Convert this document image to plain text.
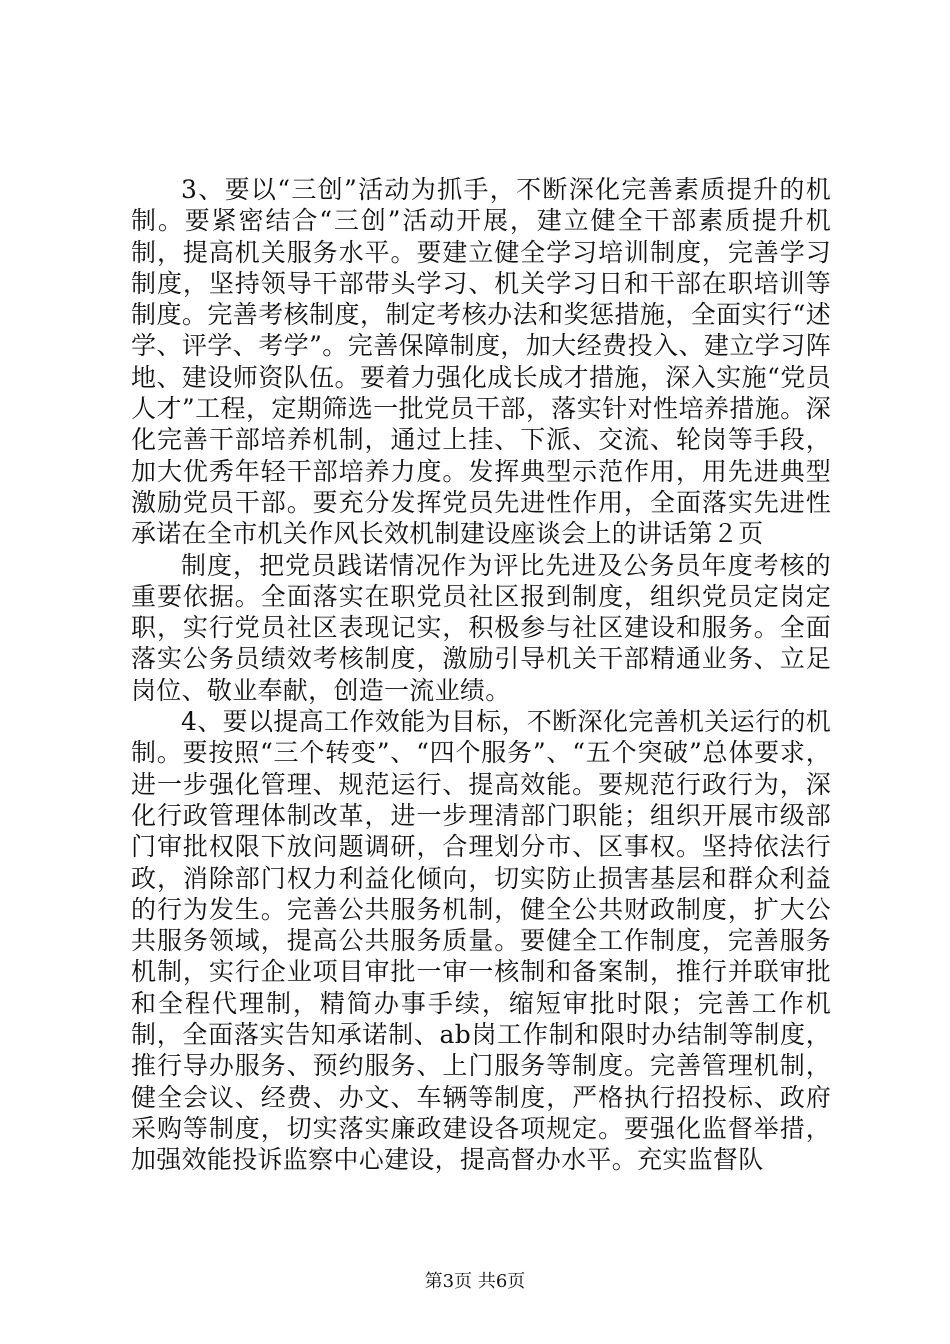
3、要以“三创”活动为抓手，不断深化完善素质提升的机制。要紧密结合“三创”活动开展，建立健全干部素质提升机制，提高机关服务水平。要建立健全学习培训制度，完善学习制度，坚持领导干部带头学习、机关学习日和干部在职培训等制度。完善考核制度，制定考核办法和奖惩措施，全面实行“述学、评学、考学”。完善保障制度，加大经费投入、建立学习阵地、建设师资队伍。要着力强化成长成才措施，深入实施“党员人才”工程，定期筛选一批党员干部，落实针对性培养措施。深化完善干部培养机制，通过上挂、下派、交流、轮岗等手段，加大优秀年轻干部培养力度。发挥典型示范作用，用先进典型激励党员干部。要充分发挥党员先进性作用，全面落实先进性承诺在全市机关作风长效机制建设座谈会上的讲话第２页

制度，把党员践诺情况作为评比先进及公务员年度考核的重要依据。全面落实在职党员社区报到制度，组织党员定岗定职，实行党员社区表现记实，积极参与社区建设和服务。全面落实公务员绩效考核制度，激励引导机关干部精通业务、立足岗位、敬业奉献，创造一流业绩。

4、要以提高工作效能为目标，不断深化完善机关运行的机制。要按照“三个转变”、“四个服务”、“五个突破”总体要求，进一步强化管理、规范运行、提高效能。要规范行政行为，深化行政管理体制改革，进一步理清部门职能；组织开展市级部门审批权限下放问题调研，合理划分市、区事权。坚持依法行政，消除部门权力利益化倾向，切实防止损害基层和群众利益的行为发生。完善公共服务机制，健全公共财政制度，扩大公共服务领域，提高公共服务质量。要健全工作制度，完善服务机制，实行企业项目审批一审一核制和备案制，推行并联审批和全程代理制，精简办事手续，缩短审批时限；完善工作机制，全面落实告知承诺制、ab岗工作制和限时办结制等制度，推行导办服务、预约服务、上门服务等制度。完善管理机制，健全会议、经费、办文、车辆等制度，严格执行招投标、政府采购等制度，切实落实廉政建设各项规定。要强化监督举措，加强效能投诉监察中心建设，提高督办水平。充实监督队

第3页 共6页
